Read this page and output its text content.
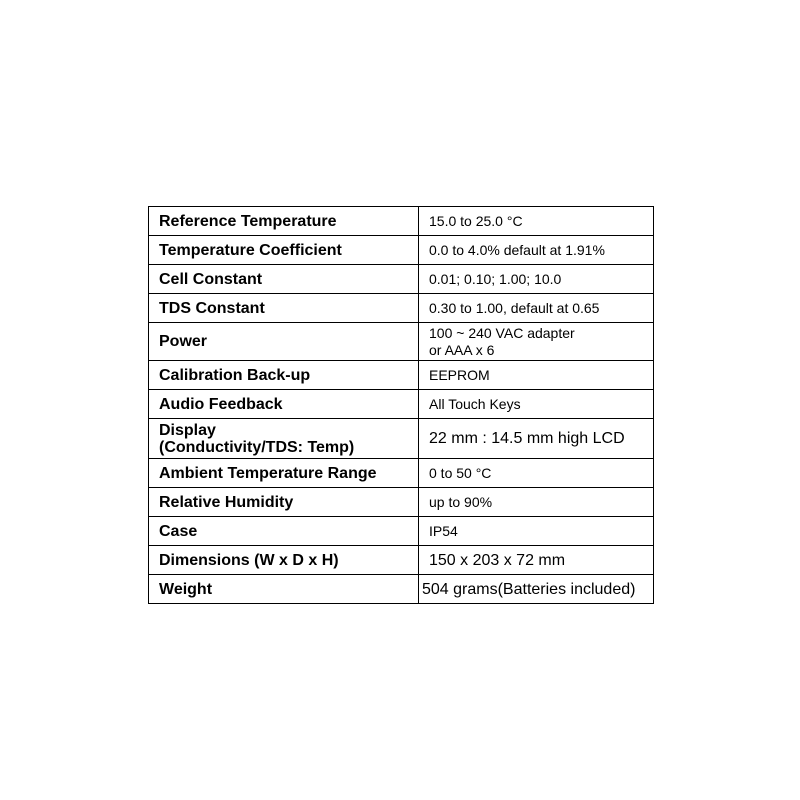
Reference Temperature	15.0 to 25.0 °C
Temperature Coefficient	0.0 to 4.0% default at 1.91%
Cell Constant	0.01; 0.10; 1.00; 10.0
TDS Constant	0.30 to 1.00, default at 0.65
Power	100 ~ 240 VAC adapter
or AAA x 6

Calibration Back-up	EEPROM
Audio Feedback	All Touch Keys

Display
(Conductivity/TDS: Temp)	22 mm : 14.5 mm high LCD
Ambient Temperature Range	0 to 50 °C
Relative Humidity	up to 90%
Case	IP54
Dimensions (W x D x H)	150 x 203 x 72 mm
Weight	504 grams(Batteries included)
